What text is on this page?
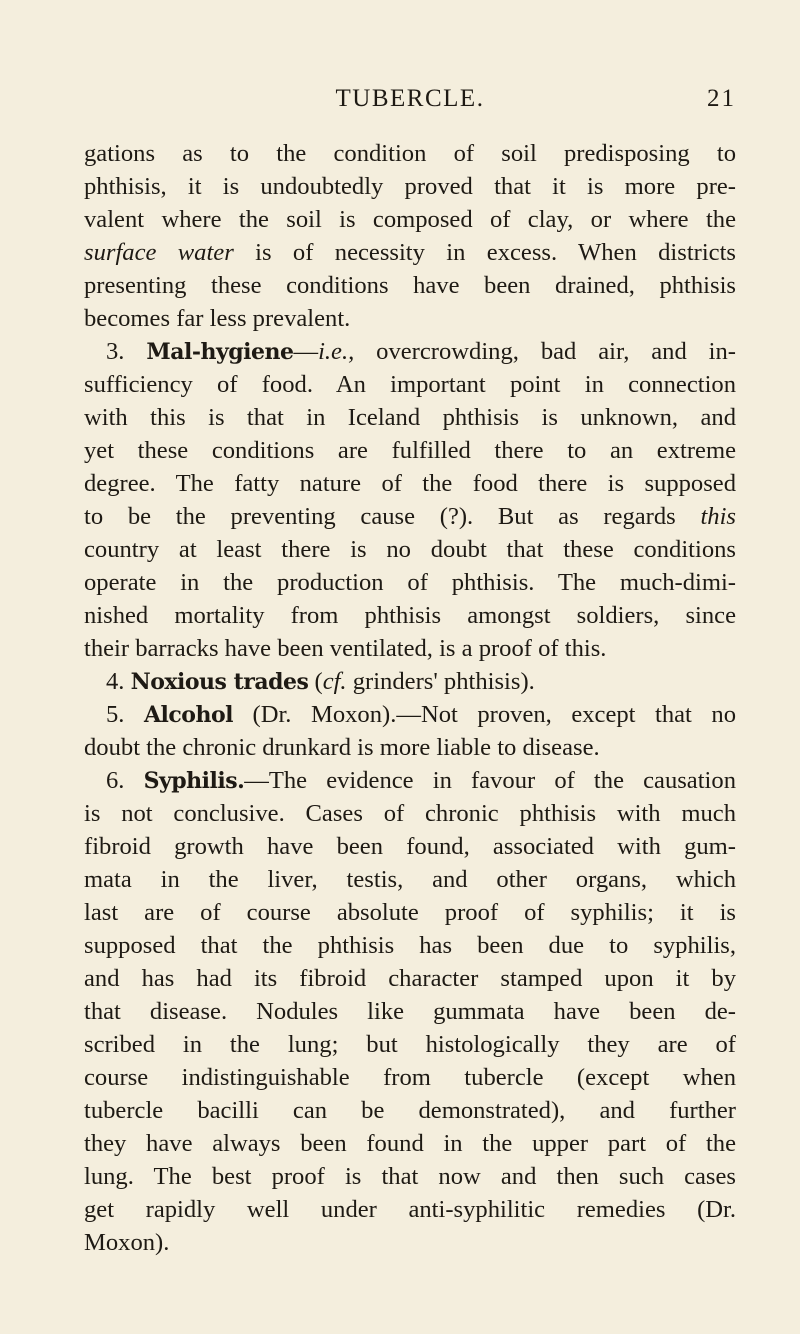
TUBERCLE.	21
gations as to the condition of soil predisposing to
phthisis, it is undoubtedly proved that it is more pre-
valent where the soil is composed of clay, or where the
surface water is of necessity in excess. When districts
presenting these conditions have been drained, phthisis
becomes far less prevalent.
3. Mal-hygiene—i.e., overcrowding, bad air, and in-
sufficiency of food. An important point in connection
with this is that in Iceland phthisis is unknown, and
yet these conditions are fulfilled there to an extreme
degree. The fatty nature of the food there is supposed
to be the preventing cause (?). But as regards this
country at least there is no doubt that these conditions
operate in the production of phthisis. The much-dimi-
nished mortality from phthisis amongst soldiers, since
their barracks have been ventilated, is a proof of this.
4. Noxious trades (cf. grinders' phthisis).
5. Alcohol (Dr. Moxon).—Not proven, except that no
doubt the chronic drunkard is more liable to disease.
6. Syphilis.—The evidence in favour of the causation
is not conclusive. Cases of chronic phthisis with much
fibroid growth have been found, associated with gum-
mata in the liver, testis, and other organs, which
last are of course absolute proof of syphilis; it is
supposed that the phthisis has been due to syphilis,
and has had its fibroid character stamped upon it by
that disease. Nodules like gummata have been de-
scribed in the lung; but histologically they are of
course indistinguishable from tubercle (except when
tubercle bacilli can be demonstrated), and further
they have always been found in the upper part of the
lung. The best proof is that now and then such cases
get rapidly well under anti-syphilitic remedies (Dr.
Moxon).
